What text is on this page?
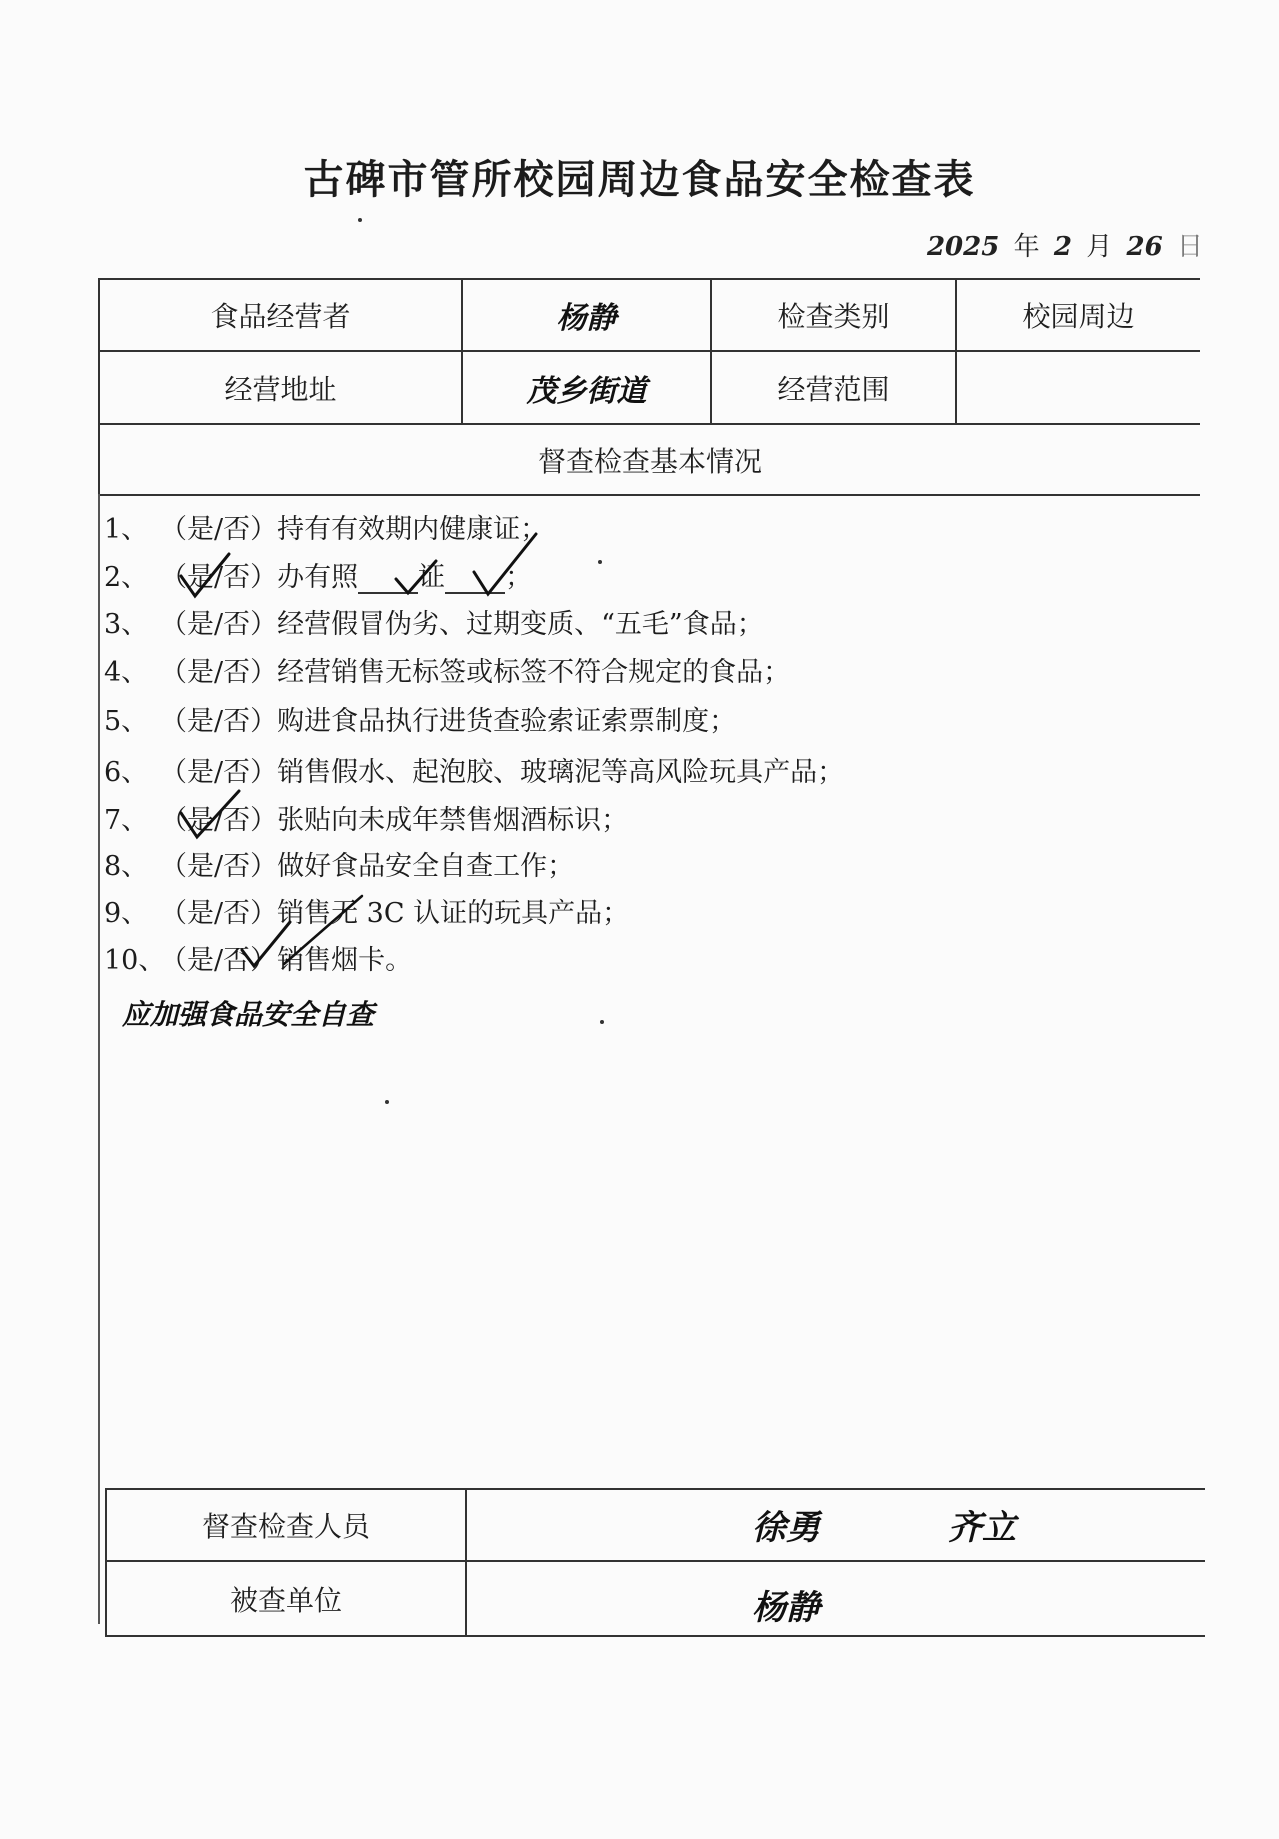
古碑市管所校园周边食品安全检查表
2025 年 2 月 26 日
食品经营者	杨静	检查类别	校园周边
经营地址	茂乡街道	经营范围
督查检查基本情况
1、 （是/否）持有有效期内健康证；
2、 （是/否）办有照 证 ；
3、 （是/否）经营假冒伪劣、过期变质、“五毛”食品；
4、 （是/否）经营销售无标签或标签不符合规定的食品；
5、 （是/否）购进食品执行进货查验索证索票制度；
6、 （是/否）销售假水、起泡胶、玻璃泥等高风险玩具产品；
7、 （是/否）张贴向未成年禁售烟酒标识；
8、 （是/否）做好食品安全自查工作；
9、 （是/否）销售无 3C 认证的玩具产品；
10、（是/否）销售烟卡。
应加强食品安全自查
督查检查人员	徐勇	齐立
被查单位	杨静
